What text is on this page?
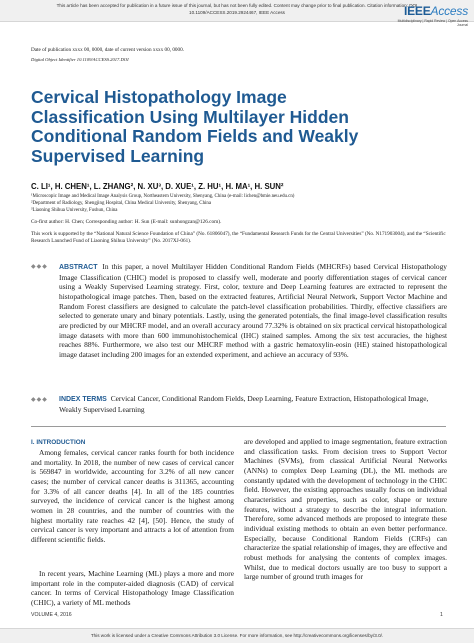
This article has been accepted for publication in a future issue of this journal, but has not been fully edited. Content may change prior to final publication. Citation information: DOI
10.1109/ACCESS.2019.2924467, IEEE Access	IEEEAccess
Multidisciplinary | Rapid Review | Open Access Journal
Date of publication xxxx 00, 0000, date of current version xxxx 00, 0000.
Digital Object Identifier 10.1109/ACCESS.2017.DOI
Cervical Histopathology Image Classification Using Multilayer Hidden Conditional Random Fields and Weakly Supervised Learning
C. LI¹, H. CHEN¹, L. ZHANG², N. XU³, D. XUE¹, Z. HU¹, H. MA¹, H. SUN²
¹Microscopic Image and Medical Image Analysis Group, Northeastern University, Shenyang, China (e-mail: lichen@bmie.neu.edu.cn)
²Department of Radiology, Shengjing Hospital, China Medical University, Shenyang, China
³Liaoning Shihua University, Fushun, China
Co-first author: H. Chen; Corresponding author: H. Sun (E-mail: sunhongzan@126.com).
This work is supported by the “National Natural Science Foundation of China” (No. 61806047), the “Fundamental Research Funds for the Central Universities” (No. N171903004), and the “Scientific Research Launched Fund of Liaoning Shihua University” (No. 2017XJ-061).
◆◆◆	ABSTRACT In this paper, a novel Multilayer Hidden Conditional Random Fields (MHCRFs) based Cervical Histopathology Image Classification (CHIC) model is proposed to classify well, moderate and poorly differentiation stages of cervical cancer using a Weakly Supervised Learning strategy. First, color, texture and Deep Learning features are extracted to represent the histopathological image patches. Then, based on the extracted features, Artificial Neural Network, Support Vector Machine and Random Forest classifiers are designed to calculate the patch-level classification probabilities. Thirdly, effective classifiers are selected to generate unary and binary potentials. Lastly, using the generated potentials, the final image-level classification results are predicted by our MHCRF model, and an overall accuracy around 77.32% is obtained on six practical cervical histopathological image datasets with more than 600 immunohistochemical (IHC) stained samples. Among the six test accuracies, the highest reaches 88%. Furthermore, we also test our MHCRF method with a gastric hematoxylin-eosin (HE) stained histopathological image dataset including 200 images for an extended experiment, and achieve an accuracy of 93%.
◆◆◆	INDEX TERMS Cervical Cancer, Conditional Random Fields, Deep Learning, Feature Extraction, Histopathological Image, Weakly Supervised Learning
I. INTRODUCTION
Among females, cervical cancer ranks fourth for both incidence and mortality. In 2018, the number of new cases of cervical cancer is 569847 in worldwide, accounting for 3.2% of all new cancer cases; the number of cervical cancer deaths is 311365, accounting for 3.3% of all cancer deaths [4]. In all of the 185 countries surveyed, the incidence of cervical cancer is the highest among women in 28 countries, and the number of countries with the highest mortality rate reaches 42 [4], [50]. Hence, the study of cervical cancer is very important and attracts a lot of attention from different scientific fields.
In recent years, Machine Learning (ML) plays a more and more important role in the computer-aided diagnosis (CAD) of cervical cancer. In terms of Cervical Histopathology Image Classification (CHIC), a variety of ML methods
are developed and applied to image segmentation, feature extraction and classification tasks. From decision trees to Support Vector Machines (SVMs), from classical Artificial Neural Networks (ANNs) to complex Deep Learning (DL), the ML methods are constantly updated with the development of technology in the CHIC field. However, the existing approaches usually focus on individual characteristics and properties, such as color, shape or texture features, without a strategy to describe the integral information. Therefore, some advanced methods are proposed to integrate these individual existing methods to obtain an even better performance. Especially, because Conditional Random Fields (CRFs) can characterize the spatial relationship of images, they are effective and robust methods for analysing the contents of complex images. Whilst, due to medical doctors usually are too busy to support a large number of ground truth images for
VOLUME 4, 2016	1
This work is licensed under a Creative Commons Attribution 3.0 License. For more information, see http://creativecommons.org/licenses/by/3.0/.
